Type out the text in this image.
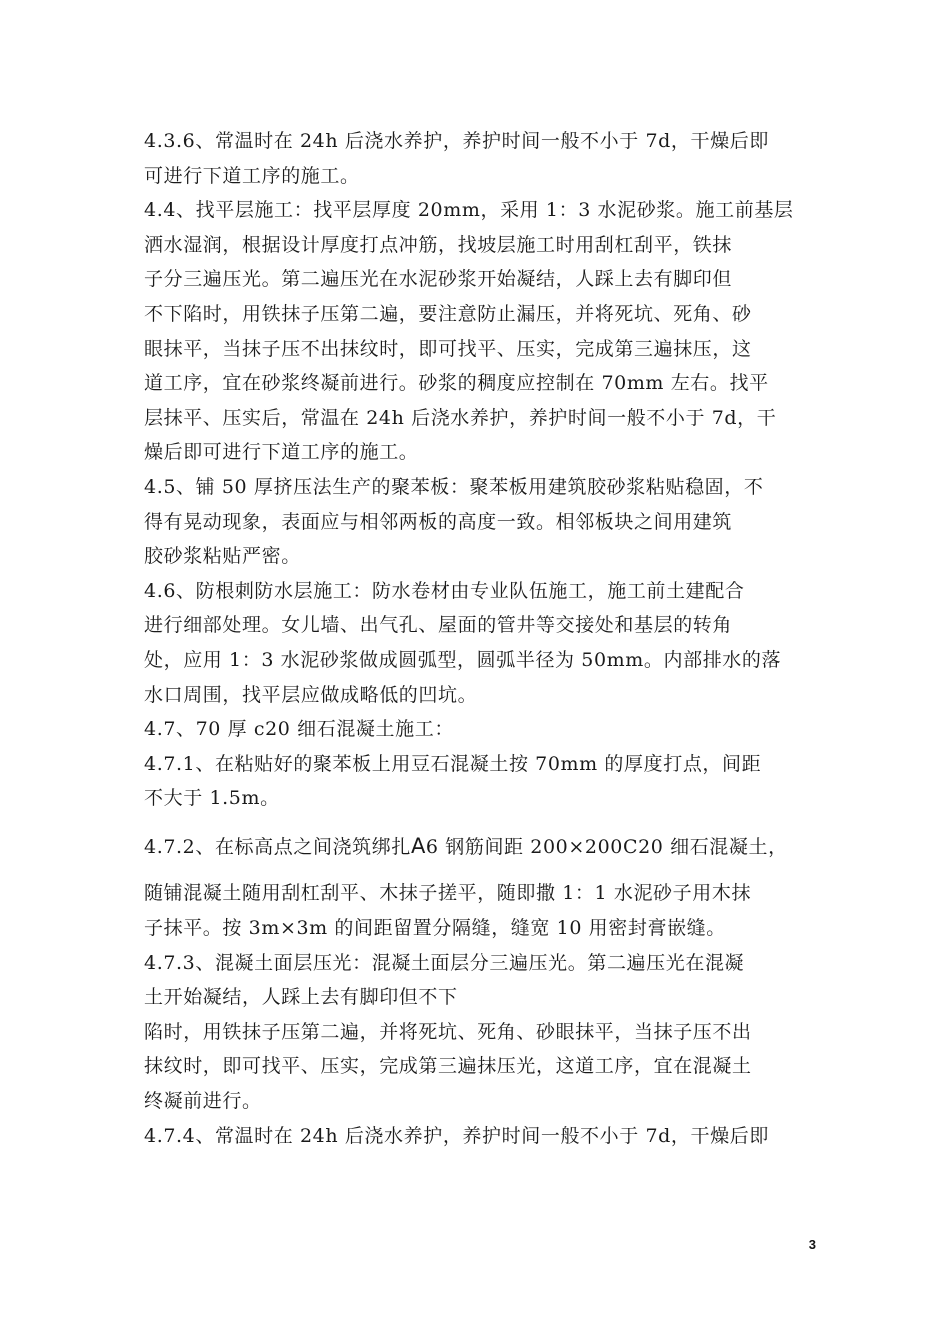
4.3.6、常温时在 24h 后浇水养护，养护时间一般不小于 7d，干燥后即
可进行下道工序的施工。
4.4、找平层施工：找平层厚度 20mm，采用 1：3 水泥砂浆。施工前基层
洒水湿润，根据设计厚度打点冲筋，找坡层施工时用刮杠刮平，铁抹
子分三遍压光。第二遍压光在水泥砂浆开始凝结，人踩上去有脚印但
不下陷时，用铁抹子压第二遍，要注意防止漏压，并将死坑、死角、砂
眼抹平，当抹子压不出抹纹时，即可找平、压实，完成第三遍抹压，这
道工序，宜在砂浆终凝前进行。砂浆的稠度应控制在 70mm 左右。找平
层抹平、压实后，常温在 24h 后浇水养护，养护时间一般不小于 7d，干
燥后即可进行下道工序的施工。
4.5、铺 50 厚挤压法生产的聚苯板：聚苯板用建筑胶砂浆粘贴稳固，不
得有晃动现象，表面应与相邻两板的高度一致。相邻板块之间用建筑
胶砂浆粘贴严密。
4.6、防根刺防水层施工：防水卷材由专业队伍施工，施工前土建配合
进行细部处理。女儿墙、出气孔、屋面的管井等交接处和基层的转角
处，应用 1：3 水泥砂浆做成圆弧型，圆弧半径为 50mm。内部排水的落
水口周围，找平层应做成略低的凹坑。
4.7、70 厚 c20 细石混凝土施工：
4.7.1、在粘贴好的聚苯板上用豆石混凝土按 70mm 的厚度打点，间距
不大于 1.5m。
4.7.2、在标高点之间浇筑绑扎A6 钢筋间距 200×200C20 细石混凝土，
随铺混凝土随用刮杠刮平、木抹子搓平，随即撒 1：1 水泥砂子用木抹
子抹平。按 3m×3m 的间距留置分隔缝，缝宽 10 用密封膏嵌缝。
4.7.3、混凝土面层压光：混凝土面层分三遍压光。第二遍压光在混凝
土开始凝结，人踩上去有脚印但不下
陷时，用铁抹子压第二遍，并将死坑、死角、砂眼抹平，当抹子压不出
抹纹时，即可找平、压实，完成第三遍抹压光，这道工序，宜在混凝土
终凝前进行。
4.7.4、常温时在 24h 后浇水养护，养护时间一般不小于 7d，干燥后即
3
